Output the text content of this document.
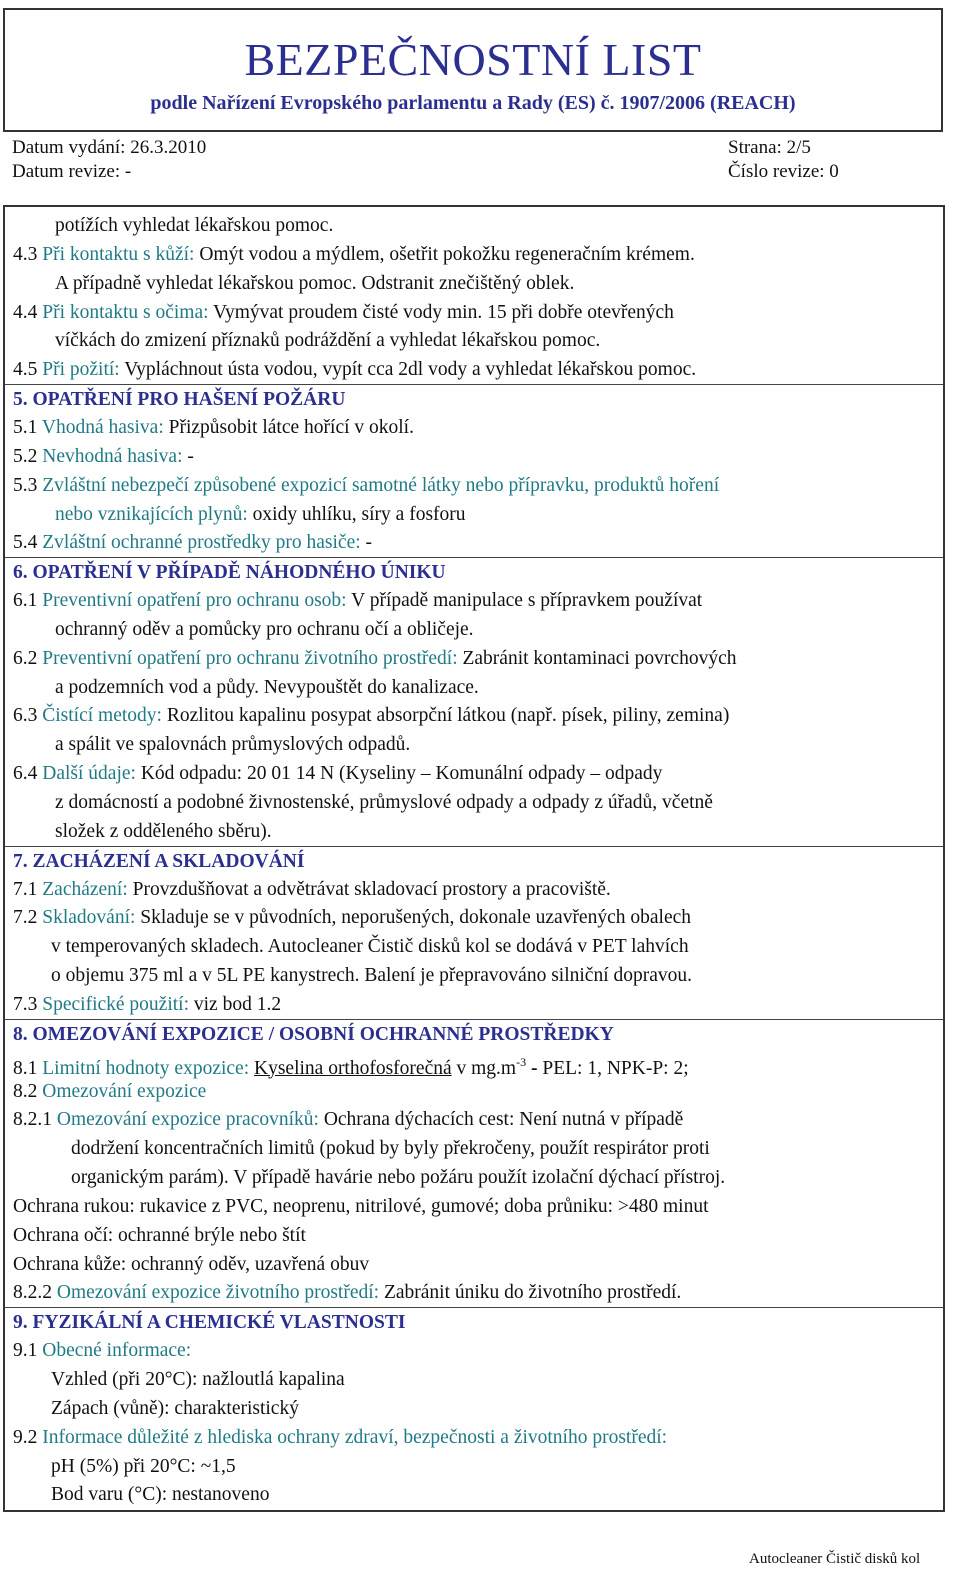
BEZPEČNOSTNÍ LIST
podle Nařízení Evropského parlamentu a Rady (ES) č. 1907/2006 (REACH)
Datum vydání: 26.3.2010
Datum revize: -
Strana: 2/5
Číslo revize: 0
potížích vyhledat lékařskou pomoc.
4.3 Při kontaktu s kůží: Omýt vodou a mýdlem, ošetřit pokožku regeneračním krémem.
A případně vyhledat lékařskou pomoc. Odstranit znečištěný oblek.
4.4 Při kontaktu s očima: Vymývat proudem čisté vody min. 15 při dobře otevřených
víčkách do zmizení příznaků podráždění a vyhledat lékařskou pomoc.
4.5 Při požití: Vypláchnout ústa vodou, vypít cca 2dl vody a vyhledat lékařskou pomoc.
5. OPATŘENÍ PRO HAŠENÍ POŽÁRU
5.1 Vhodná hasiva: Přizpůsobit látce hořící v okolí.
5.2 Nevhodná hasiva: -
5.3 Zvláštní nebezpečí způsobené expozicí samotné látky nebo přípravku, produktů hoření
nebo vznikajících plynů: oxidy uhlíku, síry a fosforu
5.4 Zvláštní ochranné prostředky pro hasiče: -
6. OPATŘENÍ V PŘÍPADĚ NÁHODNÉHO ÚNIKU
6.1 Preventivní opatření pro ochranu osob: V případě manipulace s přípravkem používat
ochranný oděv a pomůcky pro ochranu očí a obličeje.
6.2 Preventivní opatření pro ochranu životního prostředí: Zabránit kontaminaci povrchových
a podzemních vod a půdy. Nevypouštět do kanalizace.
6.3 Čistící metody: Rozlitou kapalinu posypat absorpční látkou (např. písek, piliny, zemina)
a spálit ve spalovnách průmyslových odpadů.
6.4 Další údaje: Kód odpadu: 20 01 14 N (Kyseliny – Komunální odpady – odpady
z domácností a podobné živnostenské, průmyslové odpady a odpady z úřadů, včetně
složek z odděleného sběru).
7. ZACHÁZENÍ A SKLADOVÁNÍ
7.1 Zacházení: Provzdušňovat a odvětrávat skladovací prostory a pracoviště.
7.2 Skladování: Skladuje se v původních, neporušených, dokonale uzavřených obalech
v temperovaných skladech. Autocleaner Čistič disků kol se dodává v PET lahvích
o objemu 375 ml a v 5L PE kanystrech. Balení je přepravováno silniční dopravou.
7.3 Specifické použití: viz bod 1.2
8. OMEZOVÁNÍ EXPOZICE / OSOBNÍ OCHRANNÉ PROSTŘEDKY
8.1 Limitní hodnoty expozice: Kyselina orthofosforečná v $mg.m^{-3}$ - PEL: 1, NPK-P: 2;
8.2 Omezování expozice
8.2.1 Omezování expozice pracovníků: Ochrana dýchacích cest: Není nutná v případě
dodržení koncentračních limitů (pokud by byly překročeny, použít respirátor proti
organickým parám). V případě havárie nebo požáru použít izolační dýchací přístroj.
Ochrana rukou: rukavice z PVC, neoprenu, nitrilové, gumové; doba průniku: >480 minut
Ochrana očí: ochranné brýle nebo štít
Ochrana kůže: ochranný oděv, uzavřená obuv
8.2.2 Omezování expozice životního prostředí: Zabránit úniku do životního prostředí.
9. FYZIKÁLNÍ A CHEMICKÉ VLASTNOSTI
9.1 Obecné informace:
Vzhled (při 20°C): nažloutlá kapalina
Zápach (vůně): charakteristický
9.2 Informace důležité z hlediska ochrany zdraví, bezpečnosti a životního prostředí:
pH (5%) při 20°C: ~1,5
Bod varu (°C): nestanoveno
Autocleaner Čistič disků kol
